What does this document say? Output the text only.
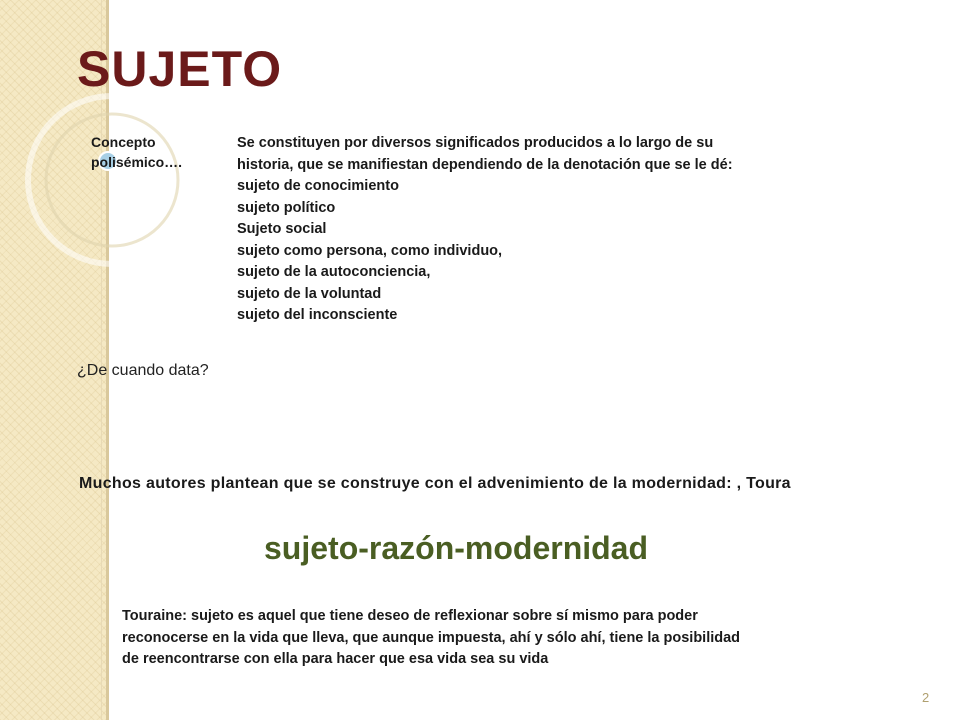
SUJETO
Concepto polisémico….
Se constituyen por diversos significados producidos a lo largo de su
historia, que se manifiestan dependiendo de la denotación que se le dé:
sujeto de conocimiento
sujeto político
Sujeto social
sujeto como persona, como individuo,
sujeto de la autoconciencia,
sujeto de la voluntad
sujeto del inconsciente
¿De cuando data?
Muchos autores plantean que se construye con el advenimiento de la modernidad: , Toura
sujeto-razón-modernidad
Touraine: sujeto es aquel que tiene deseo de reflexionar sobre sí mismo para poder
reconocerse en la vida que lleva, que aunque impuesta, ahí y sólo ahí, tiene la posibilidad
de reencontrarse con ella para hacer que esa vida sea su vida
2
